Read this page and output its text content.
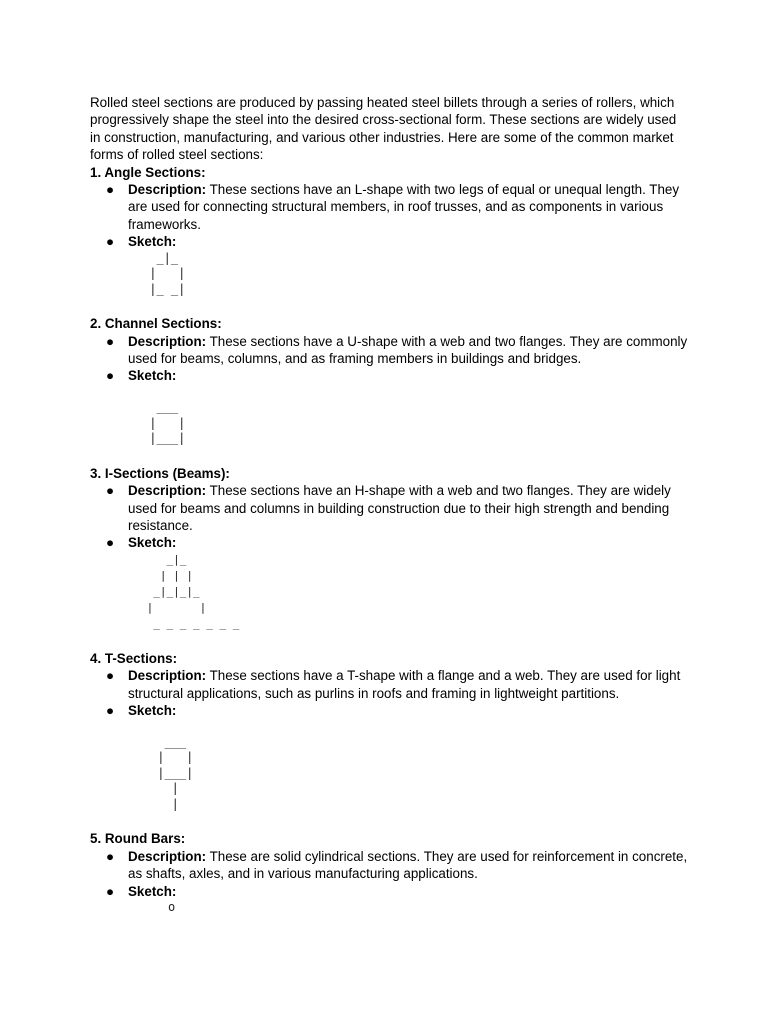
Rolled steel sections are produced by passing heated steel billets through a series of rollers, which progressively shape the steel into the desired cross-sectional form. These sections are widely used in construction, manufacturing, and various other industries. Here are some of the common market forms of rolled steel sections:

1. Angle Sections:

● Description: These sections have an L-shape with two legs of equal or unequal length. They are used for connecting structural members, in roof trusses, and as components in various frameworks.
● Sketch:
_|_
|   |
|_ _|

2. Channel Sections:

● Description: These sections have a U-shape with a web and two flanges. They are commonly used for beams, columns, and as framing members in buildings and bridges.
● Sketch:

___
|   |
|___|

3. I-Sections (Beams):

● Description: These sections have an H-shape with a web and two flanges. They are widely used for beams and columns in building construction due to their high strength and bending resistance.
● Sketch:
_|_
| | |
_|_|_|_
|       |
_ _ _ _ _ _ _

4. T-Sections:

● Description: These sections have a T-shape with a flange and a web. They are used for light structural applications, such as purlins in roofs and framing in lightweight partitions.
● Sketch:

___
|   |
|___|
|
|

5. Round Bars:

● Description: These are solid cylindrical sections. They are used for reinforcement in concrete, as shafts, axles, and in various manufacturing applications.
● Sketch:
o
